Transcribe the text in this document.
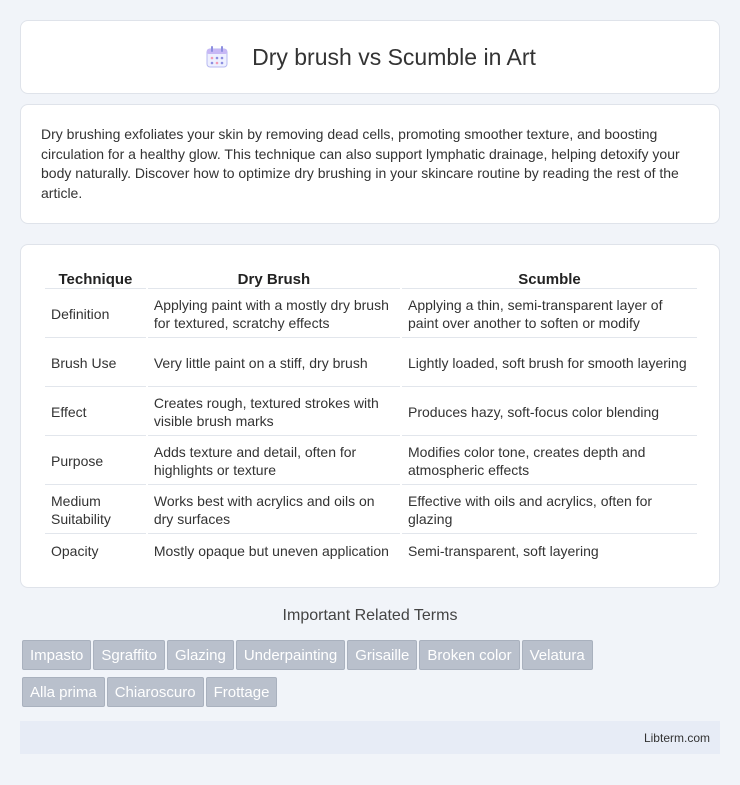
Dry brush vs Scumble in Art

Dry brushing exfoliates your skin by removing dead cells, promoting smoother texture, and boosting circulation for a healthy glow. This technique can also support lymphatic drainage, helping detoxify your body naturally. Discover how to optimize dry brushing in your skincare routine by reading the rest of the article.

Technique	Dry Brush	Scumble
Definition	Applying paint with a mostly dry brush for textured, scratchy effects	Applying a thin, semi-transparent layer of paint over another to soften or modify
Brush Use	Very little paint on a stiff, dry brush	Lightly loaded, soft brush for smooth layering
Effect	Creates rough, textured strokes with visible brush marks	Produces hazy, soft-focus color blending
Purpose	Adds texture and detail, often for highlights or texture	Modifies color tone, creates depth and atmospheric effects
Medium Suitability	Works best with acrylics and oils on dry surfaces	Effective with oils and acrylics, often for glazing
Opacity	Mostly opaque but uneven application	Semi-transparent, soft layering
Important Related Terms
Impasto Sgraffito Glazing Underpainting Grisaille Broken color Velatura
Alla prima Chiaroscuro Frottage
Libterm.com
